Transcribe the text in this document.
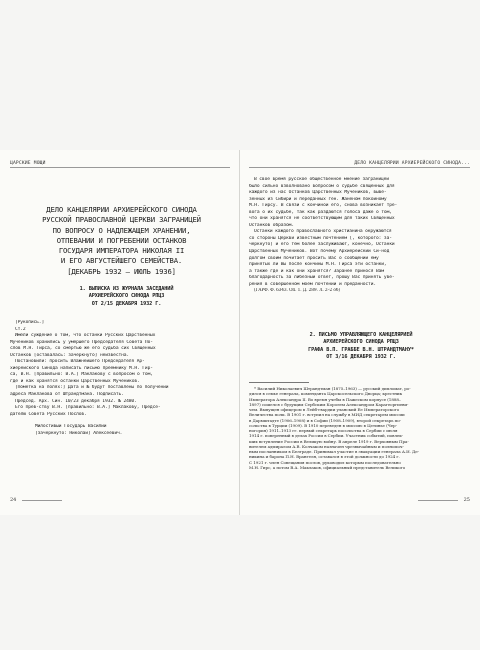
ЦАРСКИЕ МОЩИ
ДЕЛО КАНЦЕЛЯРИИ АРХИЕРЕЙСКОГО СИНОДА
РУССКОЙ ПРАВОСЛАВНОЙ ЦЕРКВИ ЗАГРАНИЦЕЙ
ПО ВОПРОСУ О НАДЛЕЖАЩЕМ ХРАНЕНИИ,
ОТПЕВАНИИ И ПОГРЕБЕНИИ ОСТАНКОВ
ГОСУДАРЯ ИМПЕРАТОРА НИКОЛАЯ II
И ЕГО АВГУСТЕЙШЕГО СЕМЕЙСТВА.
[ДЕКАБРЬ 1932 – ИЮЛЬ 1936]
1. ВЫПИСКА ИЗ ЖУРНАЛА ЗАСЕДАНИЙ
АРХИЕРЕЙСКОГО СИНОДА РПЦЗ
ОТ 2/15 ДЕКАБРЯ 1932 Г.
[Рукопись.]
Ст.2
Имели суждение о том, что останки Русских Царственных
Мучеников хранились у умершего Председателя Совета По-
слов М.Н. Гирса, со смертью же его судьба сих Священных
Останков [оставалась: зачеркнуто] неизвестна.
Постановили: просить Влажнейшего Председателя Ар-
хиерейского Синода написать письмо преемнику М.Н. Гир-
са, В.Н. [правильно: В.А.] Маклакову с вопросом о том,
где и как хранятся останки Царственных Мучеников.
[Пометка на полях:] Дата и № будут поставлены по получении
адреса Маклакова от Штрандтмана. Подписать.
Председ. Арх. Син. 10/23 декабря 1932. № 2480.
Его Прев-ству В.Н. [правильно: В.А.] Маклакову, Предсе-
дателю Совета Русских Послов.
Милостивый Государь Василий
[зачеркнуто: Николай] Алексеевич.
24
ДЕЛО КАНЦЕЛЯРИИ АРХИЕРЕЙСКОГО СИНОДА...
В свое время русское общественное мнение заграницей
было сильно взволновано вопросом о судьбе священных для
каждого из нас Останков Царственных Мучеников, выве-
зенных из Сибири и переданных ген. Жаненом покойному
М.Н. Гирсу. В связи с кончиной его, снова возникает тре-
вога о их судьбе, так как раздаются голоса даже о том,
что они хранятся не соответствующим для таких Священных
Останков образом.
Останки каждого православного христианина окружаются
со стороны Церкви известным почтением [, которого: за-
черкнуто] и его тем более заслуживают, конечно, Останки
Царственных Мучеников. Вот почему Архиерейский Си-нод
долгом своим почитает просить Вас о сообщении ему
принятых ли Вы после кончины М.Н. Гирса эти останки,
а также где и как они хранятся? Заранее принося Вам
благодарность за либезный ответ, прошу Вас принять уве-
рения в совершенном моем почтении и преданности.
(ГАРФ. Ф. 6343. Оп. 1. Д. 289. Л. 2–2 об)
2. ПИСЬМО УПРАВЛЯЮЩЕГО КАНЦЕЛЯРИЕЙ
АРХИЕРЕЙСКОГО СИНОДА РПЦЗ
ГРАФА В.П. ГРАББЕ В.Н. ШТРАНДТМАНУ*
ОТ 3/16 ДЕКАБРЯ 1932 Г.
* Василий Николаевич Штрандтман (1875–1963) — русский дипломат, ро-
дился в семье генерала, коменданта Царскосельского Дворца; крестник
Императора Александра II. Во время учебы в Пажеском корпусе (1888–
1897) сошелся с будущим Сербским Королем Александром Карагеоргиеви-
чем. Выпущен офицером в Лейб-гвардии уланский Ее Императорского
Величества полк. В 1901 г. вступил на службу в МИД секретарем миссии
в Дармштадте (1906–1908) и в Софии (1908–1909), второй секретарь по-
сольства в Турции (1909). В 1910 переведен в миссию в Цетинье (Чер-
ногория) 1911–1913 гг. первый секретарь посольства в Сербии с июля
1914 г. поверенный в делах России в Сербии. Участник событий, повлек-
ших вступление России в Великую войну. В апреле 1919 г. Верховным Пра-
вителем адмиралом А.В. Колчаком назначен чрезвычайным и полномоч-
ным посланником в Белграде. Принимал участие в эвакуации генерала А.И. Де-
никина и барона П.Н. Врангеля, оставался в этой должности до 1924 г.
С 1921 г. член Совещания послов, руководил которым последовательно
М.Н. Гирс, а потом В.А. Маклаков, официальный представитель Великого
25
